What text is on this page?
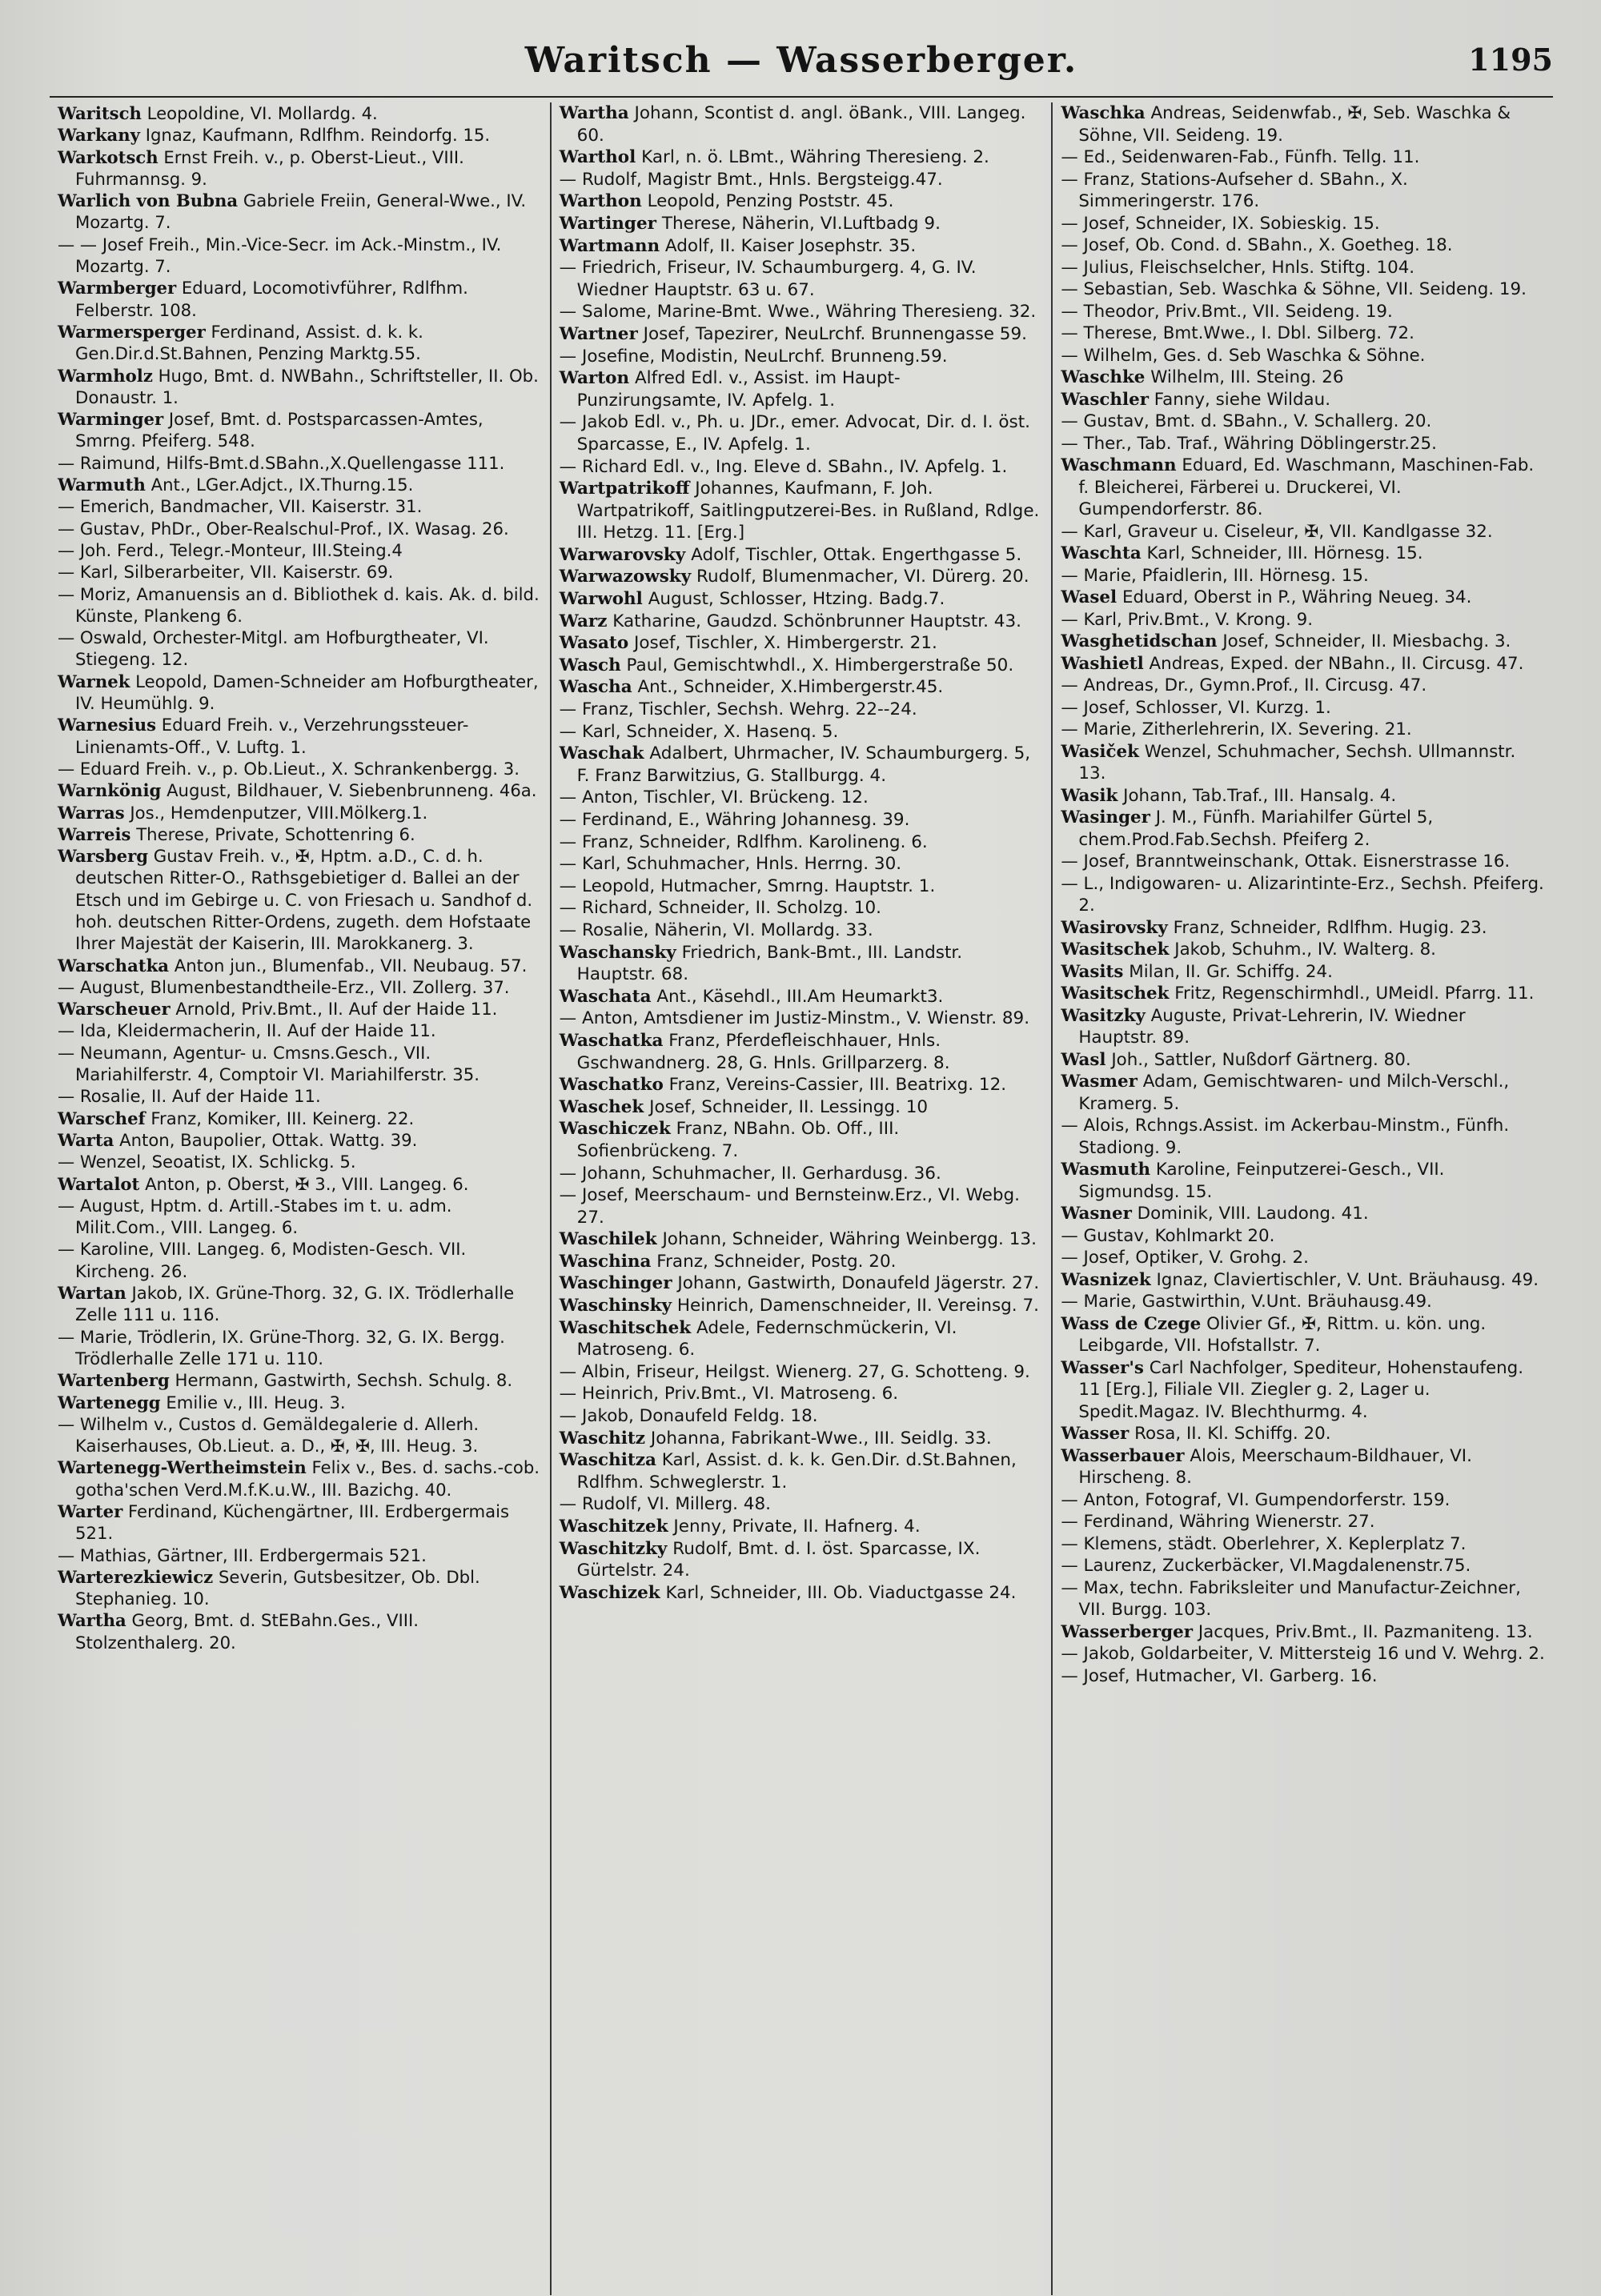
Waritsch — Wasserberger.	1195

Waritsch Leopoldine, VI. Mollardg. 4.

Warkany Ignaz, Kaufmann, Rdlfhm. Reindorfg. 15.

Warkotsch Ernst Freih. v., p. Oberst-Lieut., VIII. Fuhrmannsg. 9.

Warlich von Bubna Gabriele Freiin, General-Wwe., IV. Mozartg. 7.

— — Josef Freih., Min.-Vice-Secr. im Ack.-Minstm., IV. Mozartg. 7.

Warmberger Eduard, Locomotivführer, Rdlfhm. Felberstr. 108.

Warmersperger Ferdinand, Assist. d. k. k. Gen.Dir.d.St.Bahnen, Penzing Marktg.55.

Warmholz Hugo, Bmt. d. NWBahn., Schriftsteller, II. Ob. Donaustr. 1.

Warminger Josef, Bmt. d. Postsparcassen-Amtes, Smrng. Pfeiferg. 548.

— Raimund, Hilfs-Bmt.d.SBahn.,X.Quellengasse 111.

Warmuth Ant., LGer.Adjct., IX.Thurng.15.

— Emerich, Bandmacher, VII. Kaiserstr. 31.

— Gustav, PhDr., Ober-Realschul-Prof., IX. Wasag. 26.

— Joh. Ferd., Telegr.-Monteur, III.Steing.4

— Karl, Silberarbeiter, VII. Kaiserstr. 69.

— Moriz, Amanuensis an d. Bibliothek d. kais. Ak. d. bild. Künste, Plankeng 6.

— Oswald, Orchester-Mitgl. am Hofburgtheater, VI. Stiegeng. 12.

Warnek Leopold, Damen-Schneider am Hofburgtheater, IV. Heumühlg. 9.

Warnesius Eduard Freih. v., Verzehrungssteuer-Linienamts-Off., V. Luftg. 1.

— Eduard Freih. v., p. Ob.Lieut., X. Schrankenbergg. 3.

Warnkönig August, Bildhauer, V. Siebenbrunneng. 46a.

Warras Jos., Hemdenputzer, VIII.Mölkerg.1.

Warreis Therese, Private, Schottenring 6.

Warsberg Gustav Freih. v., ✠, Hptm. a.D., C. d. h. deutschen Ritter-O., Rathsgebietiger d. Ballei an der Etsch und im Gebirge u. C. von Friesach u. Sandhof d. hoh. deutschen Ritter-Ordens, zugeth. dem Hofstaate Ihrer Majestät der Kaiserin, III. Marokkanerg. 3.

Warschatka Anton jun., Blumenfab., VII. Neubaug. 57.

— August, Blumenbestandtheile-Erz., VII. Zollerg. 37.

Warscheuer Arnold, Priv.Bmt., II. Auf der Haide 11.

— Ida, Kleidermacherin, II. Auf der Haide 11.

— Neumann, Agentur- u. Cmsns.Gesch., VII. Mariahilferstr. 4, Comptoir VI. Mariahilferstr. 35.

— Rosalie, II. Auf der Haide 11.

Warschef Franz, Komiker, III. Keinerg. 22.

Warta Anton, Baupolier, Ottak. Wattg. 39.

— Wenzel, Seoatist, IX. Schlickg. 5.

Wartalot Anton, p. Oberst, ✠ 3., VIII. Langeg. 6.

— August, Hptm. d. Artill.-Stabes im t. u. adm. Milit.Com., VIII. Langeg. 6.

— Karoline, VIII. Langeg. 6, Modisten-Gesch. VII. Kircheng. 26.

Wartan Jakob, IX. Grüne-Thorg. 32, G. IX. Trödlerhalle Zelle 111 u. 116.

— Marie, Trödlerin, IX. Grüne-Thorg. 32, G. IX. Bergg. Trödlerhalle Zelle 171 u. 110.

Wartenberg Hermann, Gastwirth, Sechsh. Schulg. 8.

Wartenegg Emilie v., III. Heug. 3.

— Wilhelm v., Custos d. Gemäldegalerie d. Allerh. Kaiserhauses, Ob.Lieut. a. D., ✠, ✠, III. Heug. 3.

Wartenegg-Wertheimstein Felix v., Bes. d. sachs.-cob. gotha'schen Verd.M.f.K.u.W., III. Bazichg. 40.

Warter Ferdinand, Küchengärtner, III. Erdbergermais 521.

— Mathias, Gärtner, III. Erdbergermais 521.

Warterezkiewicz Severin, Gutsbesitzer, Ob. Dbl. Stephanieg. 10.

Wartha Georg, Bmt. d. StEBahn.Ges., VIII. Stolzenthalerg. 20.

Wartha Johann, Scontist d. angl. öBank., VIII. Langeg. 60.

Warthol Karl, n. ö. LBmt., Währing Theresieng. 2.

— Rudolf, Magistr Bmt., Hnls. Bergsteigg.47.

Warthon Leopold, Penzing Poststr. 45.

Wartinger Therese, Näherin, VI.Luftbadg 9.

Wartmann Adolf, II. Kaiser Josephstr. 35.

— Friedrich, Friseur, IV. Schaumburgerg. 4, G. IV. Wiedner Hauptstr. 63 u. 67.

— Salome, Marine-Bmt. Wwe., Währing Theresieng. 32.

Wartner Josef, Tapezirer, NeuLrchf. Brunnengasse 59.

— Josefine, Modistin, NeuLrchf. Brunneng.59.

Warton Alfred Edl. v., Assist. im Haupt-Punzirungsamte, IV. Apfelg. 1.

— Jakob Edl. v., Ph. u. JDr., emer. Advocat, Dir. d. I. öst. Sparcasse, E., IV. Apfelg. 1.

— Richard Edl. v., Ing. Eleve d. SBahn., IV. Apfelg. 1.

Wartpatrikoff Johannes, Kaufmann, F. Joh. Wartpatrikoff, Saitlingputzerei-Bes. in Rußland, Rdlge. III. Hetzg. 11. [Erg.]

Warwarovsky Adolf, Tischler, Ottak. Engerthgasse 5.

Warwazowsky Rudolf, Blumenmacher, VI. Dürerg. 20.

Warwohl August, Schlosser, Htzing. Badg.7.

Warz Katharine, Gaudzd. Schönbrunner Hauptstr. 43.

Wasato Josef, Tischler, X. Himbergerstr. 21.

Wasch Paul, Gemischtwhdl., X. Himbergerstraße 50.

Wascha Ant., Schneider, X.Himbergerstr.45.

— Franz, Tischler, Sechsh. Wehrg. 22--24.

— Karl, Schneider, X. Hasenq. 5.

Waschak Adalbert, Uhrmacher, IV. Schaumburgerg. 5, F. Franz Barwitzius, G. Stallburgg. 4.

— Anton, Tischler, VI. Brückeng. 12.

— Ferdinand, E., Währing Johannesg. 39.

— Franz, Schneider, Rdlfhm. Karolineng. 6.

— Karl, Schuhmacher, Hnls. Herrng. 30.

— Leopold, Hutmacher, Smrng. Hauptstr. 1.

— Richard, Schneider, II. Scholzg. 10.

— Rosalie, Näherin, VI. Mollardg. 33.

Waschansky Friedrich, Bank-Bmt., III. Landstr. Hauptstr. 68.

Waschata Ant., Käsehdl., III.Am Heumarkt3.

— Anton, Amtsdiener im Justiz-Minstm., V. Wienstr. 89.

Waschatka Franz, Pferdefleischhauer, Hnls. Gschwandnerg. 28, G. Hnls. Grillparzerg. 8.

Waschatko Franz, Vereins-Cassier, III. Beatrixg. 12.

Waschek Josef, Schneider, II. Lessingg. 10

Waschiczek Franz, NBahn. Ob. Off., III. Sofienbrückeng. 7.

— Johann, Schuhmacher, II. Gerhardusg. 36.

— Josef, Meerschaum- und Bernsteinw.Erz., VI. Webg. 27.

Waschilek Johann, Schneider, Währing Weinbergg. 13.

Waschina Franz, Schneider, Postg. 20.

Waschinger Johann, Gastwirth, Donaufeld Jägerstr. 27.

Waschinsky Heinrich, Damenschneider, II. Vereinsg. 7.

Waschitschek Adele, Federnschmückerin, VI. Matroseng. 6.

— Albin, Friseur, Heilgst. Wienerg. 27, G. Schotteng. 9.

— Heinrich, Priv.Bmt., VI. Matroseng. 6.

— Jakob, Donaufeld Feldg. 18.

Waschitz Johanna, Fabrikant-Wwe., III. Seidlg. 33.

Waschitza Karl, Assist. d. k. k. Gen.Dir. d.St.Bahnen, Rdlfhm. Schweglerstr. 1.

— Rudolf, VI. Millerg. 48.

Waschitzek Jenny, Private, II. Hafnerg. 4.

Waschitzky Rudolf, Bmt. d. I. öst. Sparcasse, IX. Gürtelstr. 24.

Waschizek Karl, Schneider, III. Ob. Viaductgasse 24.

Waschka Andreas, Seidenwfab., ✠, Seb. Waschka & Söhne, VII. Seideng. 19.

— Ed., Seidenwaren-Fab., Fünfh. Tellg. 11.

— Franz, Stations-Aufseher d. SBahn., X. Simmeringerstr. 176.

— Josef, Schneider, IX. Sobieskig. 15.

— Josef, Ob. Cond. d. SBahn., X. Goetheg. 18.

— Julius, Fleischselcher, Hnls. Stiftg. 104.

— Sebastian, Seb. Waschka & Söhne, VII. Seideng. 19.

— Theodor, Priv.Bmt., VII. Seideng. 19.

— Therese, Bmt.Wwe., I. Dbl. Silberg. 72.

— Wilhelm, Ges. d. Seb Waschka & Söhne.

Waschke Wilhelm, III. Steing. 26

Waschler Fanny, siehe Wildau.

— Gustav, Bmt. d. SBahn., V. Schallerg. 20.

— Ther., Tab. Traf., Währing Döblingerstr.25.

Waschmann Eduard, Ed. Waschmann, Maschinen-Fab. f. Bleicherei, Färberei u. Druckerei, VI. Gumpendorferstr. 86.

— Karl, Graveur u. Ciseleur, ✠, VII. Kandlgasse 32.

Waschta Karl, Schneider, III. Hörnesg. 15.

— Marie, Pfaidlerin, III. Hörnesg. 15.

Wasel Eduard, Oberst in P., Währing Neueg. 34.

— Karl, Priv.Bmt., V. Krong. 9.

Wasghetidschan Josef, Schneider, II. Miesbachg. 3.

Washietl Andreas, Exped. der NBahn., II. Circusg. 47.

— Andreas, Dr., Gymn.Prof., II. Circusg. 47.

— Josef, Schlosser, VI. Kurzg. 1.

— Marie, Zitherlehrerin, IX. Severing. 21.

Wasiček Wenzel, Schuhmacher, Sechsh. Ullmannstr. 13.

Wasik Johann, Tab.Traf., III. Hansalg. 4.

Wasinger J. M., Fünfh. Mariahilfer Gürtel 5, chem.Prod.Fab.Sechsh. Pfeiferg 2.

— Josef, Branntweinschank, Ottak. Eisnerstrasse 16.

— L., Indigowaren- u. Alizarintinte-Erz., Sechsh. Pfeiferg. 2.

Wasirovsky Franz, Schneider, Rdlfhm. Hugig. 23.

Wasitschek Jakob, Schuhm., IV. Walterg. 8.

Wasits Milan, II. Gr. Schiffg. 24.

Wasitschek Fritz, Regenschirmhdl., UMeidl. Pfarrg. 11.

Wasitzky Auguste, Privat-Lehrerin, IV. Wiedner Hauptstr. 89.

Wasl Joh., Sattler, Nußdorf Gärtnerg. 80.

Wasmer Adam, Gemischtwaren- und Milch-Verschl., Kramerg. 5.

— Alois, Rchngs.Assist. im Ackerbau-Minstm., Fünfh. Stadiong. 9.

Wasmuth Karoline, Feinputzerei-Gesch., VII. Sigmundsg. 15.

Wasner Dominik, VIII. Laudong. 41.

— Gustav, Kohlmarkt 20.

— Josef, Optiker, V. Grohg. 2.

Wasnizek Ignaz, Claviertischler, V. Unt. Bräuhausg. 49.

— Marie, Gastwirthin, V.Unt. Bräuhausg.49.

Wass de Czege Olivier Gf., ✠, Rittm. u. kön. ung. Leibgarde, VII. Hofstallstr. 7.

Wasser's Carl Nachfolger, Spediteur, Hohenstaufeng. 11 [Erg.], Filiale VII. Ziegler g. 2, Lager u. Spedit.Magaz. IV. Blechthurmg. 4.

Wasser Rosa, II. Kl. Schiffg. 20.

Wasserbauer Alois, Meerschaum-Bildhauer, VI. Hirscheng. 8.

— Anton, Fotograf, VI. Gumpendorferstr. 159.

— Ferdinand, Währing Wienerstr. 27.

— Klemens, städt. Oberlehrer, X. Keplerplatz 7.

— Laurenz, Zuckerbäcker, VI.Magdalenenstr.75.

— Max, techn. Fabriksleiter und Manufactur-Zeichner, VII. Burgg. 103.

Wasserberger Jacques, Priv.Bmt., II. Pazmaniteng. 13.

— Jakob, Goldarbeiter, V. Mittersteig 16 und V. Wehrg. 2.

— Josef, Hutmacher, VI. Garberg. 16.
